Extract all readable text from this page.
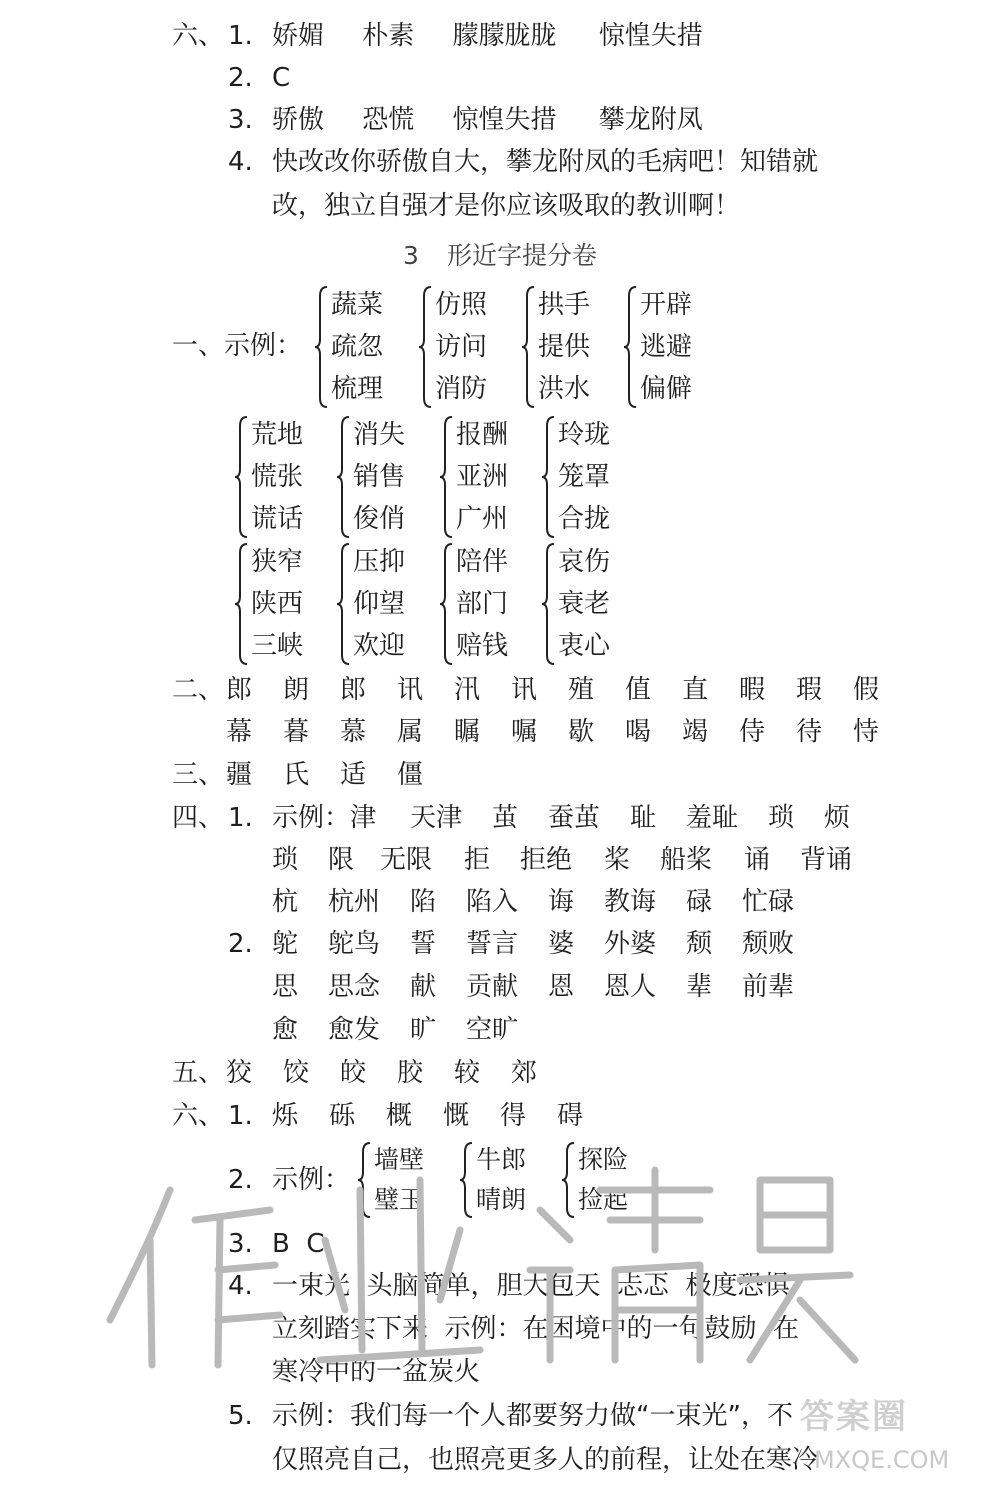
六、 1. 娇媚 朴素 朦朦胧胧 惊惶失措
2. C
3. 骄傲 恐慌 惊惶失措 攀龙附凤
4. 快改改你骄傲自大，攀龙附凤的毛病吧！知错就
改，独立自强才是你应该吸取的教训啊！
3 形近字提分卷
一、示例：
蔬菜
疏忽
梳理
仿照
访问
消防
拱手
提供
洪水
开辟
逃避
偏僻
荒地
慌张
谎话
消失
销售
俊俏
报酬
亚洲
广州
玲珑
笼罩
合拢
狭窄
陕西
三峡
压抑
仰望
欢迎
陪伴
部门
赔钱
哀伤
衰老
衷心
二、 郎 朗 郎 讯 汛 讯 殖 值 直 暇 瑕 假
幕 暮 慕 属 瞩 嘱 歇 喝 竭 侍 待 恃
三、 疆 氏 适 僵
四、 1. 示例：津 天津 茧 蚕茧 耻 羞耻 琐 烦
琐 限 无限 拒 拒绝 桨 船桨 诵 背诵
杭 杭州 陷 陷入 诲 教诲 碌 忙碌
2. 鸵 鸵鸟 誓 誓言 婆 外婆 颓 颓败
思 思念 献 贡献 恩 恩人 辈 前辈
愈 愈发 旷 空旷
五、 狡 饺 皎 胶 较 郊
六、 1. 烁 砾 概 慨 得 碍
2. 示例：
墙壁
璧玉
牛郎
晴朗
探险
捡起
3. B  C
4. 一束光  头脑简单，胆大包天  忐忑  极度恐惧
立刻踏实下来  示例：在困境中的一句鼓励  在
寒冷中的一盆炭火
5. 示例：我们每一个人都要努力做“一束光”，不
仅照亮自己，也照亮更多人的前程，让处在寒冷
答案圈
MXQE.COM
